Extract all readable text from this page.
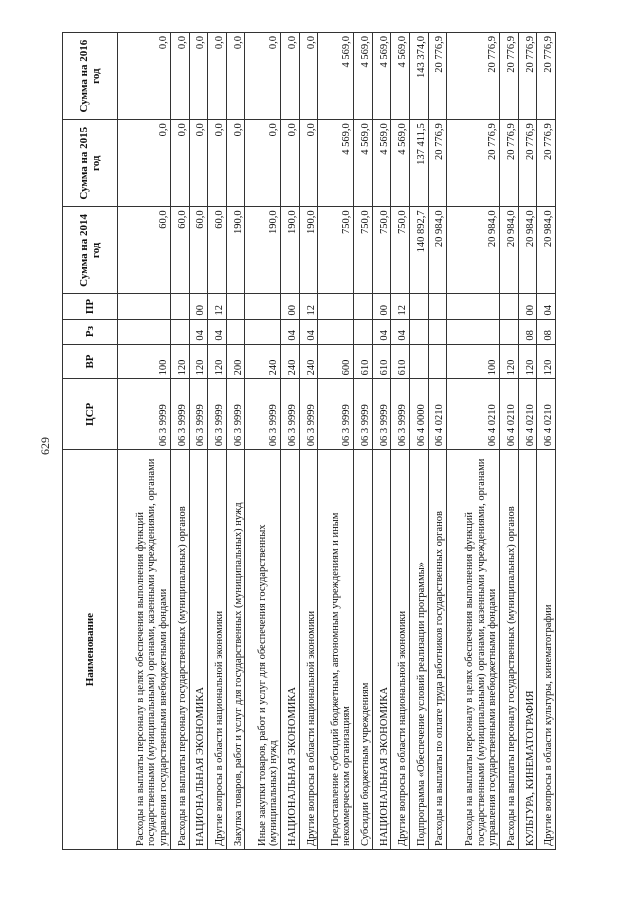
629
Наименование	ЦСР	ВР	Рз	ПР	Сумма на 2014 год	Сумма на 2015 год	Сумма на 2016 год
Расходы на выплаты персоналу в целях обеспечения выполнения функций государственными (муниципальными) органами, казенными учреждениями, органами управления государственными внебюджетными фондами	06 3 9999	100			60,0	0,0	0,0
Расходы на выплаты персоналу государственных (муниципальных) органов	06 3 9999	120			60,0	0,0	0,0
НАЦИОНАЛЬНАЯ ЭКОНОМИКА	06 3 9999	120	04	00	60,0	0,0	0,0
Другие вопросы в области национальной экономики	06 3 9999	120	04	12	60,0	0,0	0,0
Закупка товаров, работ и услуг для государственных (муниципальных) нужд	06 3 9999	200			190,0	0,0	0,0
Иные закупки товаров, работ и услуг для обеспечения государственных (муниципальных) нужд	06 3 9999	240			190,0	0,0	0,0
НАЦИОНАЛЬНАЯ ЭКОНОМИКА	06 3 9999	240	04	00	190,0	0,0	0,0
Другие вопросы в области национальной экономики	06 3 9999	240	04	12	190,0	0,0	0,0
Предоставление субсидий бюджетным, автономным учреждениям и иным некоммерческим организациям	06 3 9999	600			750,0	4 569,0	4 569,0
Субсидии бюджетным учреждениям	06 3 9999	610			750,0	4 569,0	4 569,0
НАЦИОНАЛЬНАЯ ЭКОНОМИКА	06 3 9999	610	04	00	750,0	4 569,0	4 569,0
Другие вопросы в области национальной экономики	06 3 9999	610	04	12	750,0	4 569,0	4 569,0
Подпрограмма «Обеспечение условий реализации программы»	06 4 0000				140 892,7	137 411,5	143 374,0
Расходы на выплаты по оплате труда работников государственных органов	06 4 0210				20 984,0	20 776,9	20 776,9
Расходы на выплаты персоналу в целях обеспечения выполнения функций государственными (муниципальными) органами, казенными учреждениями, органами управления государственными внебюджетными фондами	06 4 0210	100			20 984,0	20 776,9	20 776,9
Расходы на выплаты персоналу государственных (муниципальных) органов	06 4 0210	120			20 984,0	20 776,9	20 776,9
КУЛЬТУРА, КИНЕМАТОГРАФИЯ	06 4 0210	120	08	00	20 984,0	20 776,9	20 776,9
Другие вопросы в области культуры, кинематографии	06 4 0210	120	08	04	20 984,0	20 776,9	20 776,9
